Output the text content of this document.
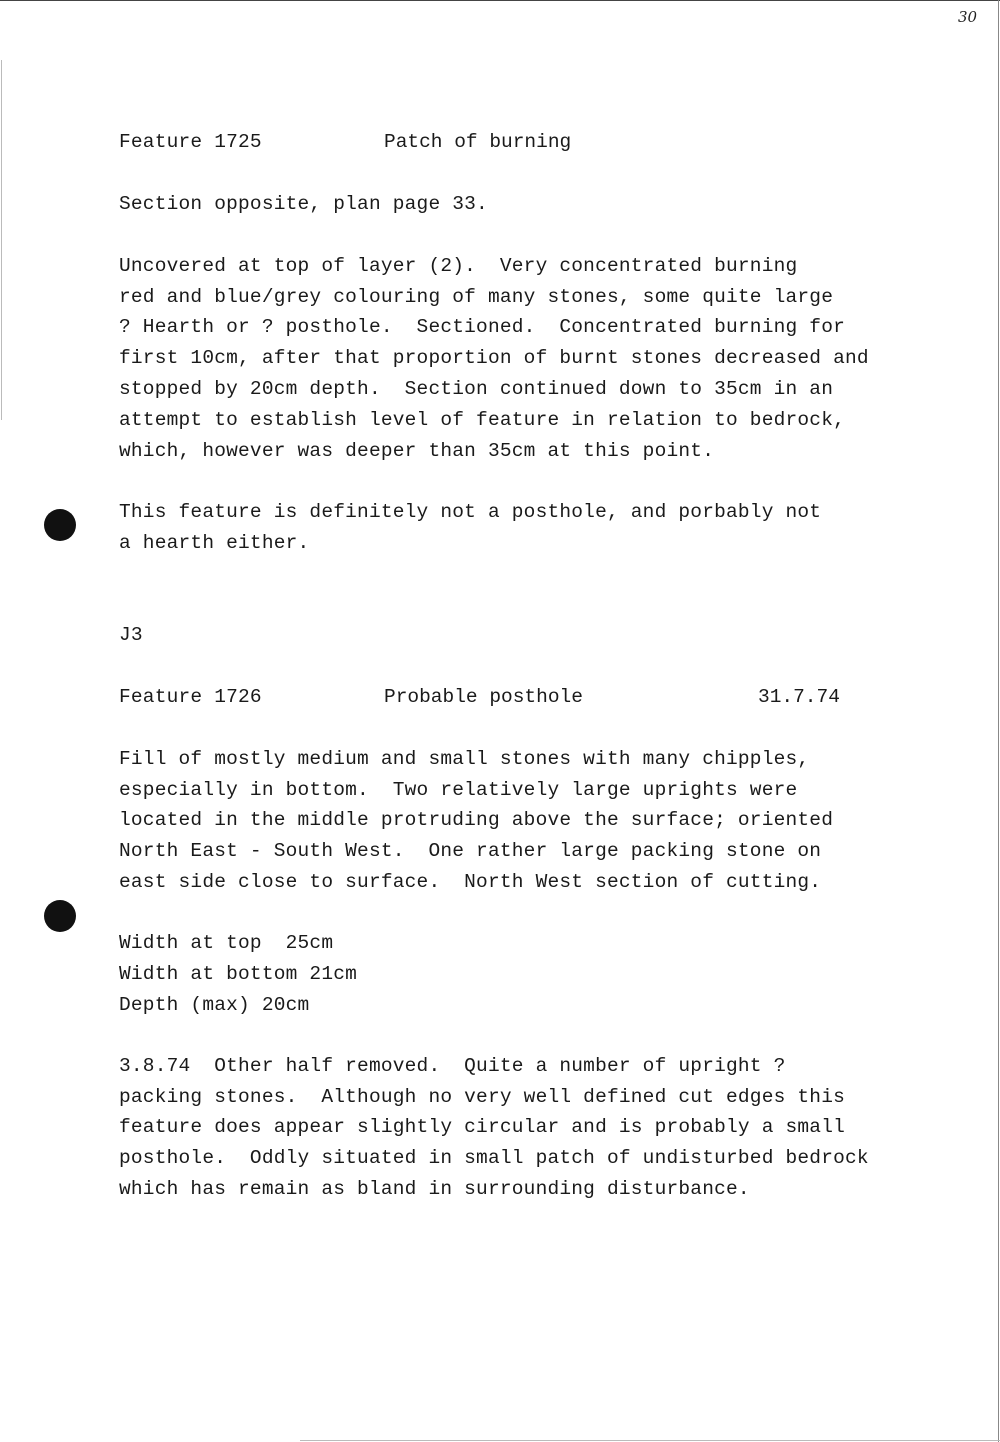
30
Feature 1725	Patch of burning
Section opposite, plan page 33.
Uncovered at top of layer (2).  Very concentrated burning
red and blue/grey colouring of many stones, some quite large
? Hearth or ? posthole.  Sectioned.  Concentrated burning for
first 10cm, after that proportion of burnt stones decreased and
stopped by 20cm depth.  Section continued down to 35cm in an
attempt to establish level of feature in relation to bedrock,
which, however was deeper than 35cm at this point.
This feature is definitely not a posthole, and porbably not
a hearth either.
J3
Feature 1726	Probable posthole	31.7.74
Fill of mostly medium and small stones with many chipples,
especially in bottom.  Two relatively large uprights were
located in the middle protruding above the surface; oriented
North East - South West.  One rather large packing stone on
east side close to surface.  North West section of cutting.
Width at top  25cm
Width at bottom 21cm
Depth (max) 20cm
3.8.74  Other half removed.  Quite a number of upright ?
packing stones.  Although no very well defined cut edges this
feature does appear slightly circular and is probably a small
posthole.  Oddly situated in small patch of undisturbed bedrock
which has remain as bland in surrounding disturbance.
